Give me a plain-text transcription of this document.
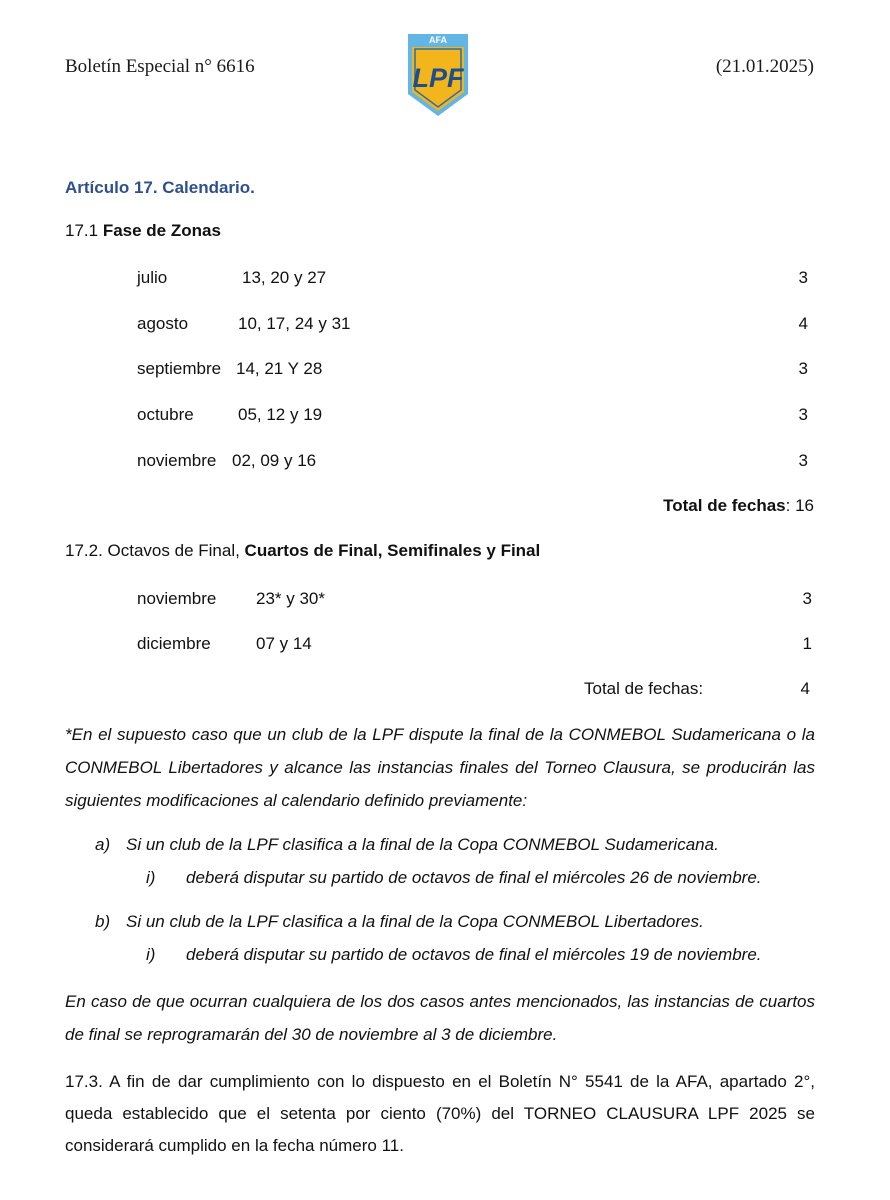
Boletín Especial n° 6616
AFA
LPF	(21.01.2025)
Artículo 17. Calendario.
17.1 Fase de Zonas
julio	13, 20 y 27	3
agosto	10, 17, 24 y 31	4
septiembre 14, 21 Y 28	3
octubre	05, 12 y 19	3
noviembre 02, 09 y 16	3
Total de fechas: 16
17.2. Octavos de Final, Cuartos de Final, Semifinales y Final
noviembre 23* y 30*	3
diciembre	07 y 14	1
Total de fechas:	4
*En el supuesto caso que un club de la LPF dispute la final de la CONMEBOL Sudamericana o la CONMEBOL Libertadores y alcance las instancias finales del Torneo Clausura, se producirán las siguientes modificaciones al calendario definido previamente:
a) Si un club de la LPF clasifica a la final de la Copa CONMEBOL Sudamericana.
i) deberá disputar su partido de octavos de final el miércoles 26 de noviembre.
b) Si un club de la LPF clasifica a la final de la Copa CONMEBOL Libertadores.
i) deberá disputar su partido de octavos de final el miércoles 19 de noviembre.
En caso de que ocurran cualquiera de los dos casos antes mencionados, las instancias de cuartos de final se reprogramarán del 30 de noviembre al 3 de diciembre.
17.3. A fin de dar cumplimiento con lo dispuesto en el Boletín N° 5541 de la AFA, apartado 2°, queda establecido que el setenta por ciento (70%) del TORNEO CLAUSURA LPF 2025 se considerará cumplido en la fecha número 11.
